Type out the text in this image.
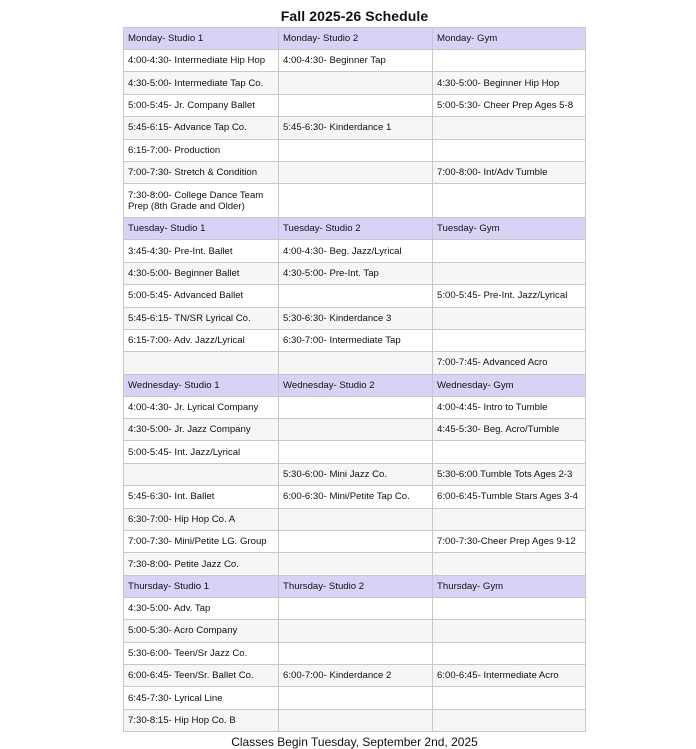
Fall 2025-26 Schedule
Monday- Studio 1	Monday- Studio 2	Monday- Gym
4:00-4:30- Intermediate Hip Hop	4:00-4:30- Beginner Tap	
4:30-5:00- Intermediate Tap Co.		4:30-5:00- Beginner Hip Hop
5:00-5:45- Jr. Company Ballet		5:00-5:30- Cheer Prep Ages 5-8
5:45-6:15- Advance Tap Co.	5:45-6:30- Kinderdance 1	
6:15-7:00- Production		
7:00-7:30- Stretch & Condition		7:00-8:00- Int/Adv Tumble
7:30-8:00- College Dance Team Prep (8th Grade and Older)		
Tuesday- Studio 1	Tuesday- Studio 2	Tuesday- Gym
3:45-4:30- Pre-Int. Ballet	4:00-4:30- Beg. Jazz/Lyrical	
4:30-5:00- Beginner Ballet	4:30-5:00- Pre-Int. Tap	
5:00-5:45- Advanced Ballet		5:00-5:45- Pre-Int. Jazz/Lyrical
5:45-6:15- TN/SR Lyrical Co.	5:30-6:30- Kinderdance 3	
6:15-7:00- Adv. Jazz/Lyrical	6:30-7:00- Intermediate Tap	
		7:00-7:45- Advanced Acro
Wednesday- Studio 1	Wednesday- Studio 2	Wednesday- Gym
4:00-4:30- Jr. Lyrical Company		4:00-4:45- Intro to Tumble
4:30-5:00- Jr. Jazz Company		4:45-5:30- Beg. Acro/Tumble
5:00-5:45- Int. Jazz/Lyrical		
	5:30-6:00- Mini Jazz Co.	5:30-6:00 Tumble Tots Ages 2-3
5:45-6:30- Int. Ballet	6:00-6:30- Mini/Petite Tap Co.	6:00-6:45-Tumble Stars Ages 3-4
6:30-7:00- Hip Hop Co. A		
7:00-7:30- Mini/Petite LG. Group		7:00-7:30-Cheer Prep Ages 9-12
7:30-8:00- Petite Jazz Co.		
Thursday- Studio 1	Thursday- Studio 2	Thursday- Gym
4:30-5:00- Adv. Tap		
5:00-5:30- Acro Company		
5:30-6:00- Teen/Sr Jazz Co.		
6:00-6:45- Teen/Sr. Ballet Co.	6:00-7:00- Kinderdance 2	6:00-6:45- Intermediate Acro
6:45-7:30- Lyrical Line		
7:30-8:15- Hip Hop Co. B		
Classes Begin Tuesday, September 2nd, 2025
